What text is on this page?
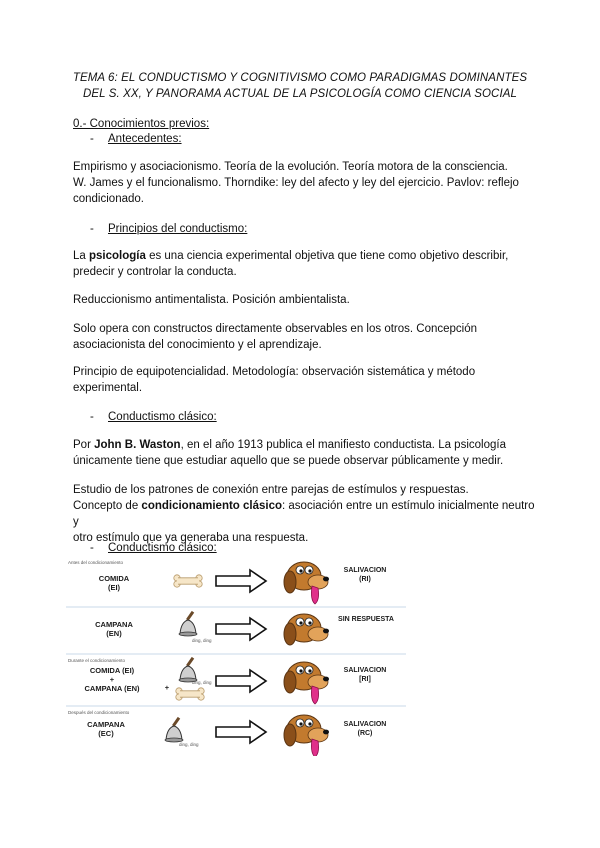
TEMA 6: EL CONDUCTISMO Y COGNITIVISMO COMO PARADIGMAS DOMINANTES
DEL S. XX, Y PANORAMA ACTUAL DE LA PSICOLOGÍA COMO CIENCIA SOCIAL
0.- Conocimientos previos:
- Antecedentes:
Empirismo y asociacionismo. Teoría de la evolución. Teoría motora de la consciencia.
W. James y el funcionalismo. Thorndike: ley del afecto y ley del ejercicio. Pavlov: reflejo
condicionado.
- Principios del conductismo:
La psicología es una ciencia experimental objetiva que tiene como objetivo describir,
predecir y controlar la conducta.
Reduccionismo antimentalista. Posición ambientalista.
Solo opera con constructos directamente observables en los otros. Concepción
asociacionista del conocimiento y el aprendizaje.
Principio de equipotencialidad. Metodología: observación sistemática y método
experimental.
- Conductismo clásico:
Por John B. Waston, en el año 1913 publica el manifiesto conductista. La psicología
únicamente tiene que estudiar aquello que se puede observar públicamente y medir.
Estudio de los patrones de conexión entre parejas de estímulos y respuestas.
Concepto de condicionamiento clásico: asociación entre un estímulo inicialmente neutro y
otro estímulo que ya generaba una respuesta.
- Conductismo clásico:
Antes del condicionamiento
COMIDA
(EI)
SALIVACION
(RI)
CAMPANA
(EN)
ding, ding
SIN RESPUESTA
Durante el condicionamiento
COMIDA (EI)
+
CAMPANA (EN)
ding, ding
+
SALIVACION
[RI]
Después del condicionamiento
CAMPANA
(EC)
ding, ding
SALIVACION
(RC)
